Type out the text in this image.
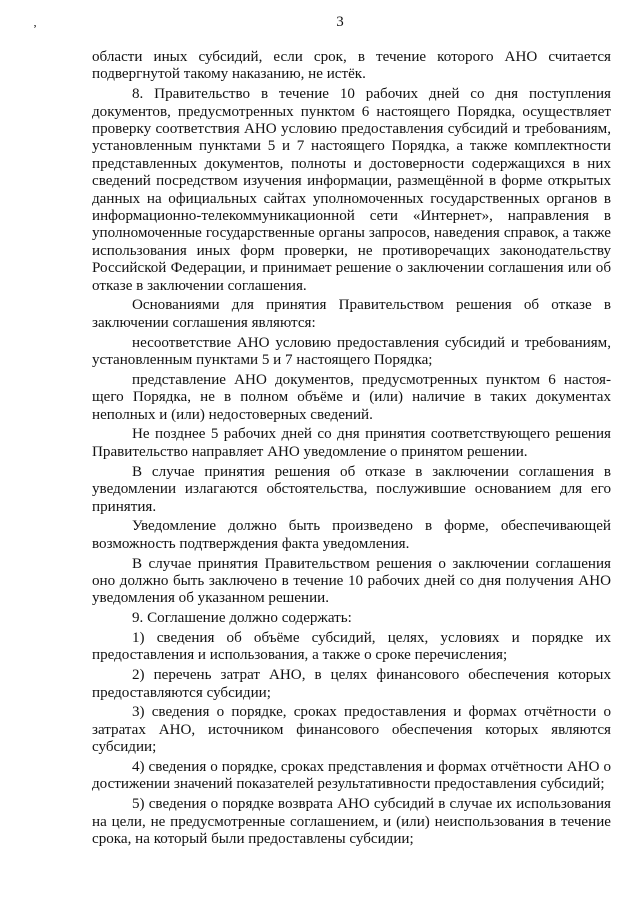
‚	3

области иных субсидий, если срок, в течение которого АНО считается подвергнутой такому наказанию, не истёк.

8. Правительство в течение 10 рабочих дней со дня поступления документов, предусмотренных пунктом 6 настоящего Порядка, осуществляет проверку соответствия АНО условию предоставления субсидий и требованиям, установленным пунктами 5 и 7 настоящего Порядка, а также комплектности представленных документов, полноты и достоверности содержащихся в них сведений посредством изучения информации, размещённой в форме открытых данных на официальных сайтах уполномоченных государственных органов в информационно-телекоммуникационной сети «Интернет», направления в уполномоченные государственные органы запросов, наведения справок, а также использования иных форм проверки, не противоречащих законодательству Российской Федерации, и принимает решение о заключении соглашения или об отказе в заключении соглашения.

Основаниями для принятия Правительством решения об отказе в заключении соглашения являются:

несоответствие АНО условию предоставления субсидий и требованиям, установленным пунктами 5 и 7 настоящего Порядка;

представление АНО документов, предусмотренных пунктом 6 настоя-щего Порядка, не в полном объёме и (или) наличие в таких документах неполных и (или) недостоверных сведений.

Не позднее 5 рабочих дней со дня принятия соответствующего решения Правительство направляет АНО уведомление о принятом решении.

В случае принятия решения об отказе в заключении соглашения в уведомлении излагаются обстоятельства, послужившие основанием для его принятия.

Уведомление должно быть произведено в форме, обеспечивающей возможность подтверждения факта уведомления.

В случае принятия Правительством решения о заключении соглашения оно должно быть заключено в течение 10 рабочих дней со дня получения АНО уведомления об указанном решении.

9. Соглашение должно содержать:

1) сведения об объёме субсидий, целях, условиях и порядке их предоставления и использования, а также о сроке перечисления;

2) перечень затрат АНО, в целях финансового обеспечения которых предоставляются субсидии;

3) сведения о порядке, сроках предоставления и формах отчётности о затратах АНО, источником финансового обеспечения которых являются субсидии;

4) сведения о порядке, сроках представления и формах отчётности АНО о достижении значений показателей результативности предоставления субсидий;

5) сведения о порядке возврата АНО субсидий в случае их использования на цели, не предусмотренные соглашением, и (или) неиспользования в течение срока, на который были предоставлены субсидии;
